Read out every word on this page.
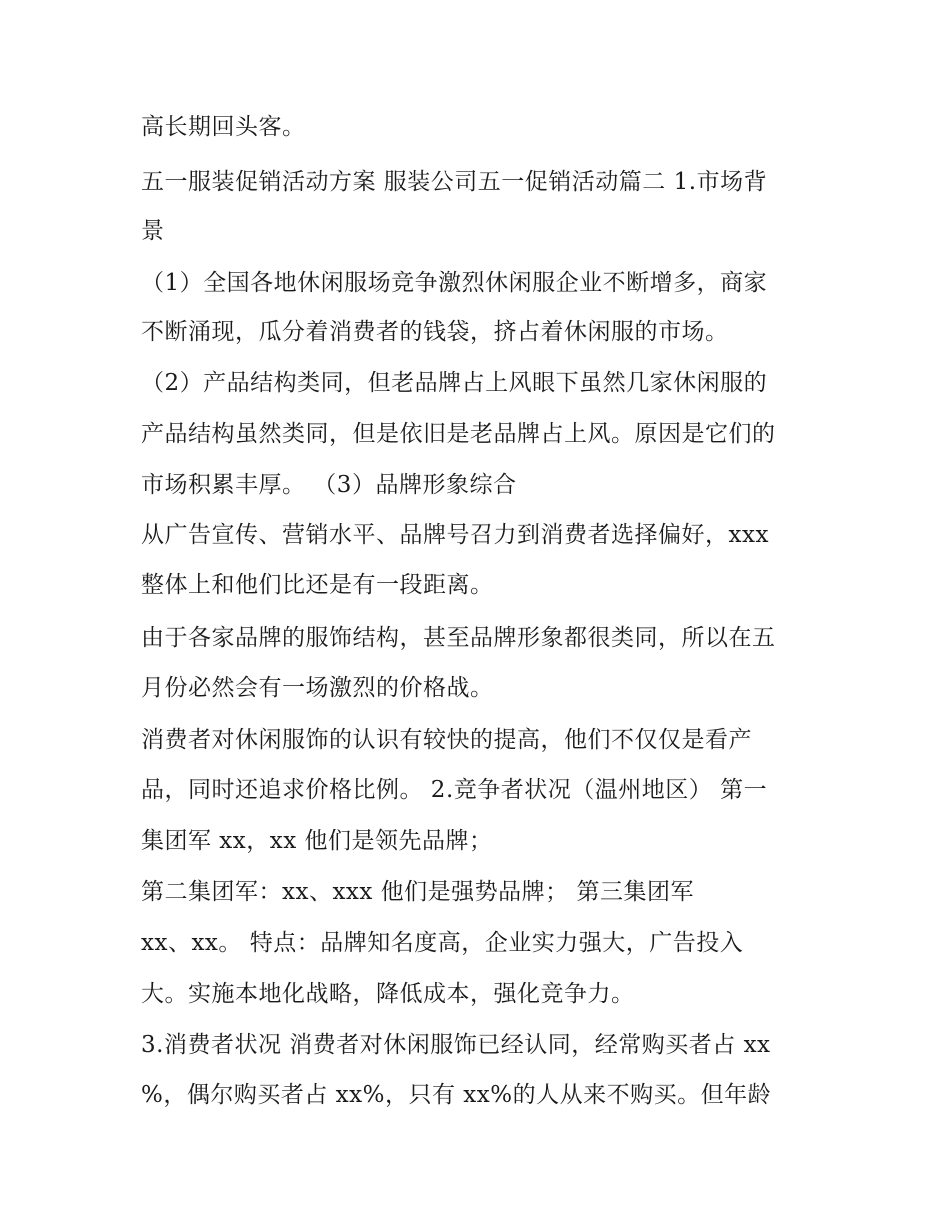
高长期回头客。
五一服装促销活动方案 服装公司五一促销活动篇二 1.市场背
景
（1）全国各地休闲服场竞争激烈休闲服企业不断增多，商家
不断涌现，瓜分着消费者的钱袋，挤占着休闲服的市场。
（2）产品结构类同，但老品牌占上风眼下虽然几家休闲服的
产品结构虽然类同，但是依旧是老品牌占上风。原因是它们的
市场积累丰厚。 （3）品牌形象综合
从广告宣传、营销水平、品牌号召力到消费者选择偏好，xxx
整体上和他们比还是有一段距离。
由于各家品牌的服饰结构，甚至品牌形象都很类同，所以在五
月份必然会有一场激烈的价格战。
消费者对休闲服饰的认识有较快的提高，他们不仅仅是看产
品，同时还追求价格比例。 2.竞争者状况（温州地区） 第一
集团军 xx，xx 他们是领先品牌；
第二集团军：xx、xxx 他们是强势品牌； 第三集团军
xx、xx。 特点：品牌知名度高，企业实力强大，广告投入
大。实施本地化战略，降低成本，强化竞争力。
3.消费者状况 消费者对休闲服饰已经认同，经常购买者占 xx
%，偶尔购买者占 xx%，只有 xx%的人从来不购买。但年龄
